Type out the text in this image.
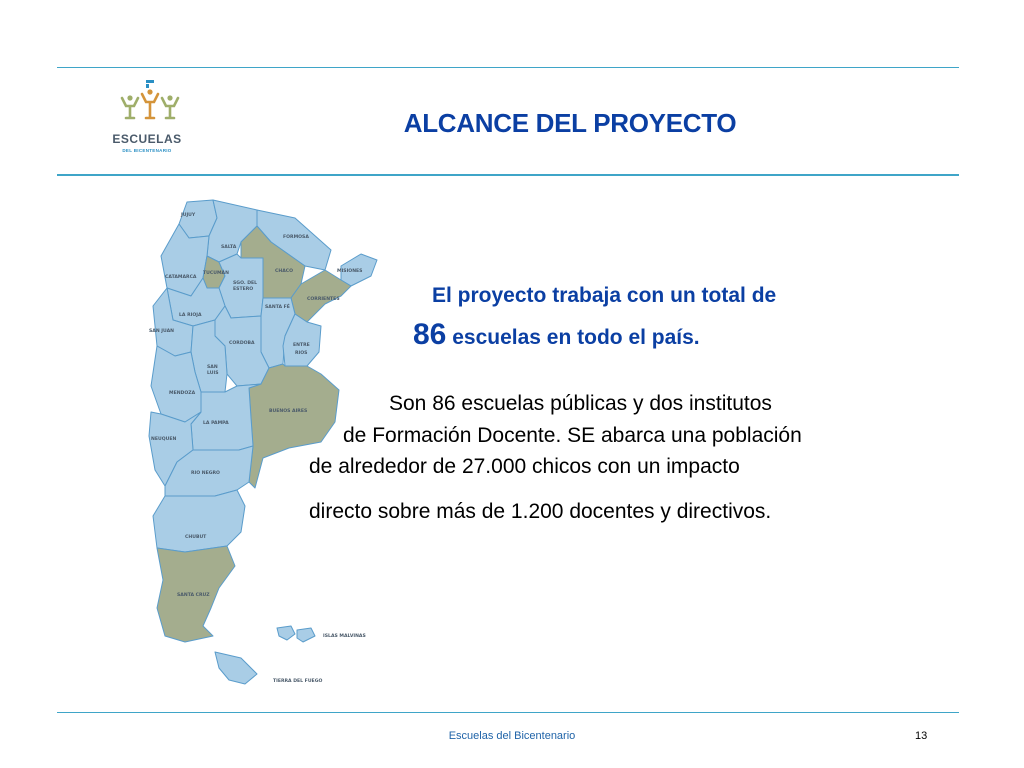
ESCUELAS
DEL BICENTENARIO
ALCANCE DEL PROYECTO
JUJUY
SALTA
FORMOSA
MISIONES
CATAMARCA
TUCUMÁN	CHACO
SGO. DEL
ESTERO
CORRIENTES
SANTA FÉ
LA RIOJA
SAN JUAN
CORDOBA	ENTRE
RIOS
SAN
LUIS
MENDOZA
BUENOS AIRES
LA PAMPA
NEUQUEN
RIO NEGRO
CHUBUT
SANTA CRUZ
ISLAS MALVINAS
TIERRA DEL FUEGO
El proyecto trabaja con un total de
86 escuelas en todo el país.
Son 86 escuelas públicas y dos institutos
de Formación Docente. SE abarca una población
de alrededor de 27.000 chicos con un impacto
directo sobre más de 1.200 docentes y directivos.
Escuelas del Bicentenario	13
